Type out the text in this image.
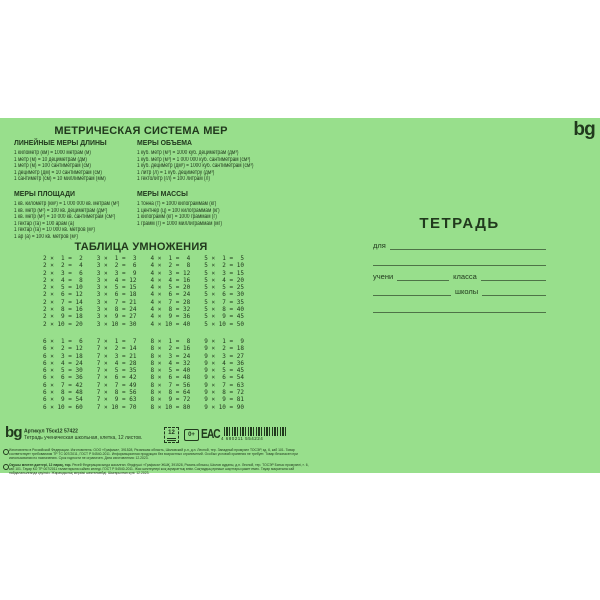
bg
МЕТРИЧЕСКАЯ СИСТЕМА МЕР
ЛИНЕЙНЫЕ МЕРЫ ДЛИНЫ
1 километр (км) = 1000 метрам (м)
1 метр (м) = 10 дециметрам (дм)
1 метр (м) = 100 сантиметрам (см)
1 дециметр (дм) = 10 сантиметрам (см)
1 сантиметр (см) = 10 миллиметрам (мм)
МЕРЫ ОБЪЕМА
1 куб. метр (м³) = 1000 куб. дециметрам (дм³)
1 куб. метр (м³) = 1 000 000 куб. сантиметрам (см³)
1 куб. дециметр (дм³) = 1000 куб. сантиметрам (см³)
1 литр (л) = 1 куб. дециметру (дм³)
1 гектолитр (гл) = 100 литрам (л)
МЕРЫ ПЛОЩАДИ
1 кв. километр (км²) = 1 000 000 кв. метрам (м²)
1 кв. метр (м²) = 100 кв. дециметрам (дм²)
1 кв. метр (м²) = 10 000 кв. сантиметрам (см²)
1 гектар (га) = 100 арам (а)
1 гектар (га) = 10 000 кв. метров (м²)
1 ар (а) = 100 кв. метров (м²)
МЕРЫ МАССЫ
1 тонна (т) = 1000 килограммам (кг)
1 центнер (ц) = 100 килограммам (кг)
1 килограмм (кг) = 1000 граммам (г)
1 грамм (г) = 1000 миллиграммам (мг)
ТАБЛИЦА УМНОЖЕНИЯ
2 ×  1 =  2
2 ×  2 =  4
2 ×  3 =  6
2 ×  4 =  8
2 ×  5 = 10
2 ×  6 = 12
2 ×  7 = 14
2 ×  8 = 16
2 ×  9 = 18
2 × 10 = 20
3 ×  1 =  3
3 ×  2 =  6
3 ×  3 =  9
3 ×  4 = 12
3 ×  5 = 15
3 ×  6 = 18
3 ×  7 = 21
3 ×  8 = 24
3 ×  9 = 27
3 × 10 = 30
4 ×  1 =  4
4 ×  2 =  8
4 ×  3 = 12
4 ×  4 = 16
4 ×  5 = 20
4 ×  6 = 24
4 ×  7 = 28
4 ×  8 = 32
4 ×  9 = 36
4 × 10 = 40
5 ×  1 =  5
5 ×  2 = 10
5 ×  3 = 15
5 ×  4 = 20
5 ×  5 = 25
5 ×  6 = 30
5 ×  7 = 35
5 ×  8 = 40
5 ×  9 = 45
5 × 10 = 50
6 ×  1 =  6
6 ×  2 = 12
6 ×  3 = 18
6 ×  4 = 24
6 ×  5 = 30
6 ×  6 = 36
6 ×  7 = 42
6 ×  8 = 48
6 ×  9 = 54
6 × 10 = 60
7 ×  1 =  7
7 ×  2 = 14
7 ×  3 = 21
7 ×  4 = 28
7 ×  5 = 35
7 ×  6 = 42
7 ×  7 = 49
7 ×  8 = 56
7 ×  9 = 63
7 × 10 = 70
8 ×  1 =  8
8 ×  2 = 16
8 ×  3 = 24
8 ×  4 = 32
8 ×  5 = 40
8 ×  6 = 48
8 ×  7 = 56
8 ×  8 = 64
8 ×  9 = 72
8 × 10 = 80
9 ×  1 =  9
9 ×  2 = 18
9 ×  3 = 27
9 ×  4 = 36
9 ×  5 = 45
9 ×  6 = 54
9 ×  7 = 63
9 ×  8 = 72
9 ×  9 = 81
9 × 10 = 90
ТЕТРАДЬ
для
учени	класса
школы
bg Артикул Т5ск12 57422
Тетрадь ученическая школьная, клетка, 12 листов.
12	0+ ЕАС 4 680211 554224
Изготовлено в Российской Федерации. Изготовитель: ООО «Графика», 391528, Рязанская область, Шиловский р-н, д.п. Лесной, тер. Западный промузел ТОСЭР, зд. 6, каб 101. Товар соответствует требованиям ТР ТС 007/2011, ГОСТ Р 54540-2011. Информационная продукция без возрастных ограничений. Особых условий хранения не требует. Товар безопасен при использовании по назначению. Срок годности не ограничен. Дата изготовления: 12.2023.
Оқушы мектеп дәптері, 12 парақ, тор. Ресей Федерациясында жасалған. Өндіруші: «Графика» ЖШҚ, 391528, Рязань облысы, Шилов ауданы, д.п. Лесной, тер. ТОСЭР Батыс промузелі, ғ. 6, каб 101. Тауар КО ТР 007/2011 талаптарына сәйкес келеді. ГОСТ Р 54540-2011. Жас шектеулері жоқ ақпараттық өнім. Сақтаудың ерекше шарттары қажет емес. Тауар мақсатына сай пайдаланылғанда қауіпсіз. Жарамдылық мерзімі шектелмейді. Шығарылған күні: 12.2023.
